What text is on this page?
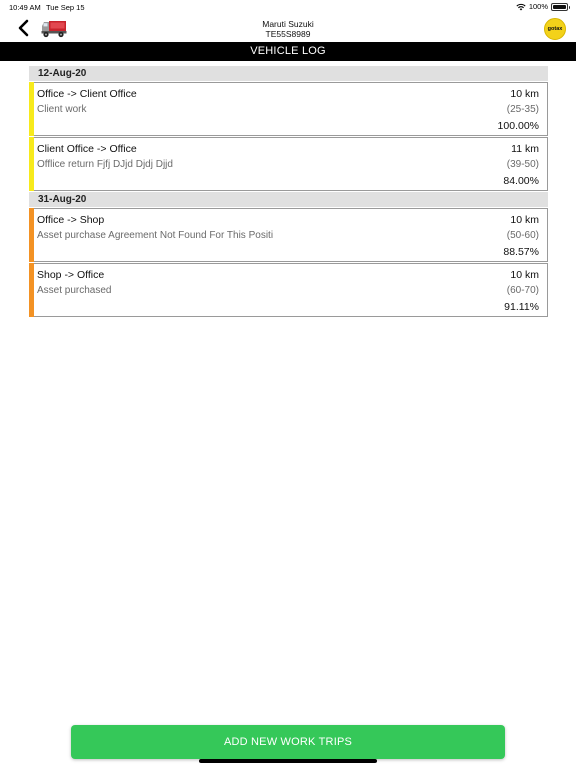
10:49 AM Tue Sep 15	100%
Maruti Suzuki
TE55S8989	gotax
VEHICLE LOG
12-Aug-20
Office -> Client Office
Client work
10 km
(25-35)
100.00%
Client Office -> Office
Offlice return Fjfj DJjd Djdj Djjd
11 km
(39-50)
84.00%
31-Aug-20
Office -> Shop
Asset purchase Agreement Not Found For This Positi
10 km
(50-60)
88.57%
Shop -> Office
Asset purchased
10 km
(60-70)
91.11%
ADD NEW WORK TRIPS
